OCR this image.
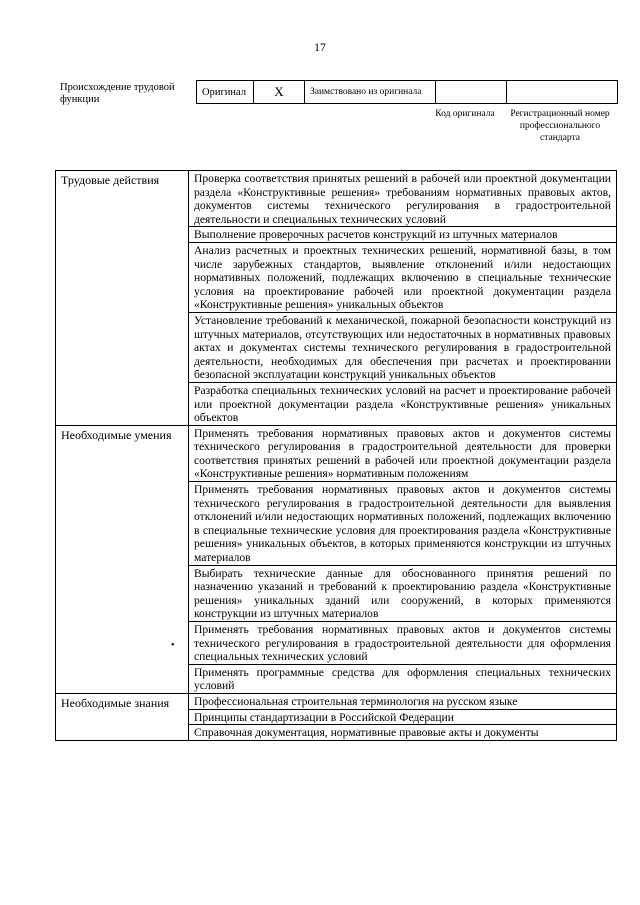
17
Происхождение трудовой функции
Оригинал	X	Заимствовано из оригинала		
Код оригинала	Регистрационный номер профессионального стандарта
Трудовые действия	Проверка соответствия принятых решений в рабочей или проектной документации раздела «Конструктивные решения» требованиям нормативных правовых актов, документов системы технического регулирования в градостроительной деятельности и специальных технических условий
	Выполнение проверочных расчетов конструкций из штучных материалов
	Анализ расчетных и проектных технических решений, нормативной базы, в том числе зарубежных стандартов, выявление отклонений и/или недостающих нормативных положений, подлежащих включению в специальные технические условия на проектирование рабочей или проектной документации раздела «Конструктивные решения» уникальных объектов
	Установление требований к механической, пожарной безопасности конструкций из штучных материалов, отсутствующих или недостаточных в нормативных правовых актах и документах системы технического регулирования в градостроительной деятельности, необходимых для обеспечения при расчетах и проектировании безопасной эксплуатации конструкций уникальных объектов
	Разработка специальных технических условий на расчет и проектирование рабочей или проектной документации раздела «Конструктивные решения» уникальных объектов
Необходимые умения	Применять требования нормативных правовых актов и документов системы технического регулирования в градостроительной деятельности для проверки соответствия принятых решений в рабочей или проектной документации раздела «Конструктивные решения» нормативным положениям
	Применять требования нормативных правовых актов и документов системы технического регулирования в градостроительной деятельности для выявления отклонений и/или недостающих нормативных положений, подлежащих включению в специальные технические условия для проектирования раздела «Конструктивные решения» уникальных объектов, в которых применяются конструкции из штучных материалов
	Выбирать технические данные для обоснованного принятия решений по назначению указаний и требований к проектированию раздела «Конструктивные решения» уникальных зданий или сооружений, в которых применяются конструкции из штучных материалов
	Применять требования нормативных правовых актов и документов системы технического регулирования в градостроительной деятельности для оформления специальных технических условий
	Применять программные средства для оформления специальных технических условий
Необходимые знания	Профессиональная строительная терминология на русском языке
	Принципы стандартизации в Российской Федерации
	Справочная документация, нормативные правовые акты и документы
•
